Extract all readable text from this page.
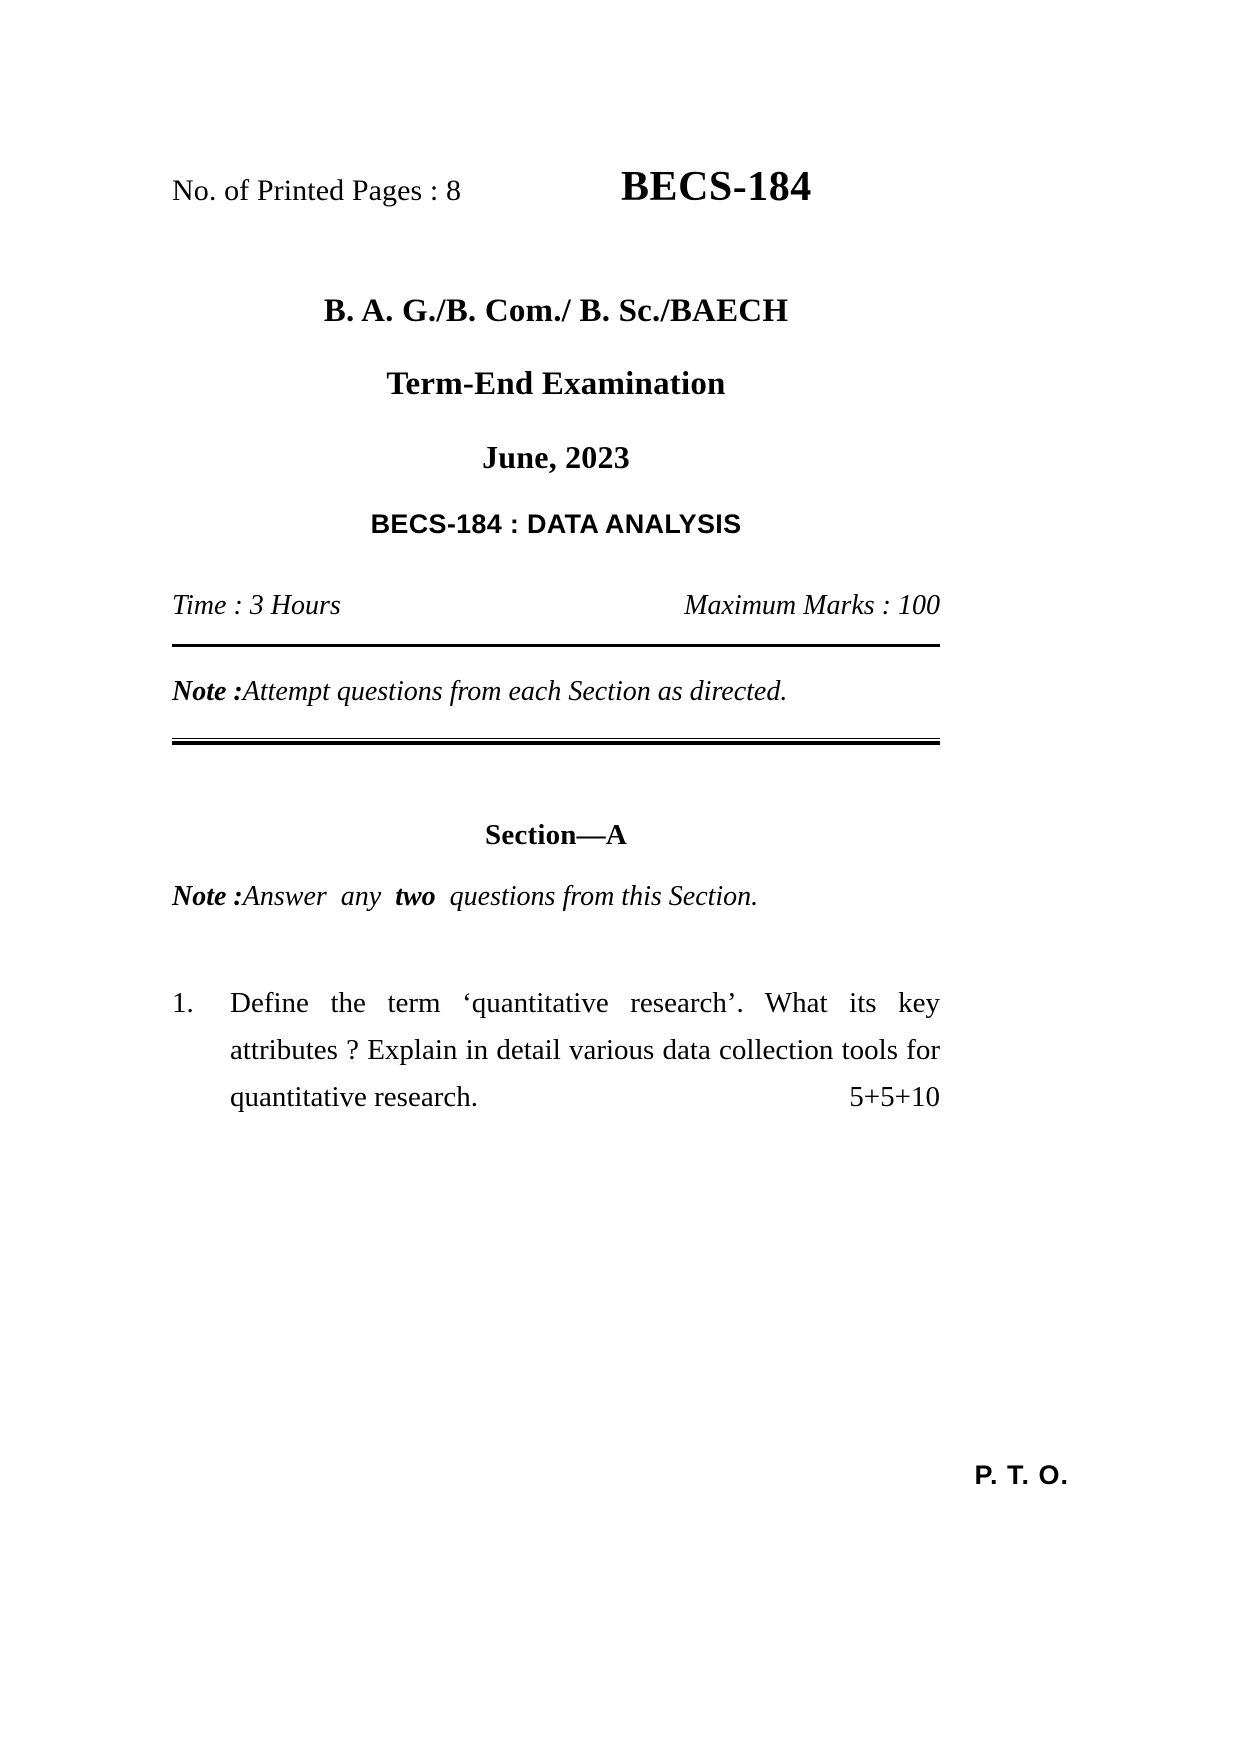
No. of Printed Pages : 8	BECS-184
B. A. G./B. Com./ B. Sc./BAECH
Term-End Examination
June, 2023
BECS-184 : DATA ANALYSIS
Time : 3 Hours	Maximum Marks : 100
Note : Attempt questions from each Section as directed.
Section—A
Note : Answer any two questions from this Section.
1.	Define the term ‘quantitative research’. What its key attributes ? Explain in detail various data collection tools for quantitative research.	5+5+10
P. T. O.
